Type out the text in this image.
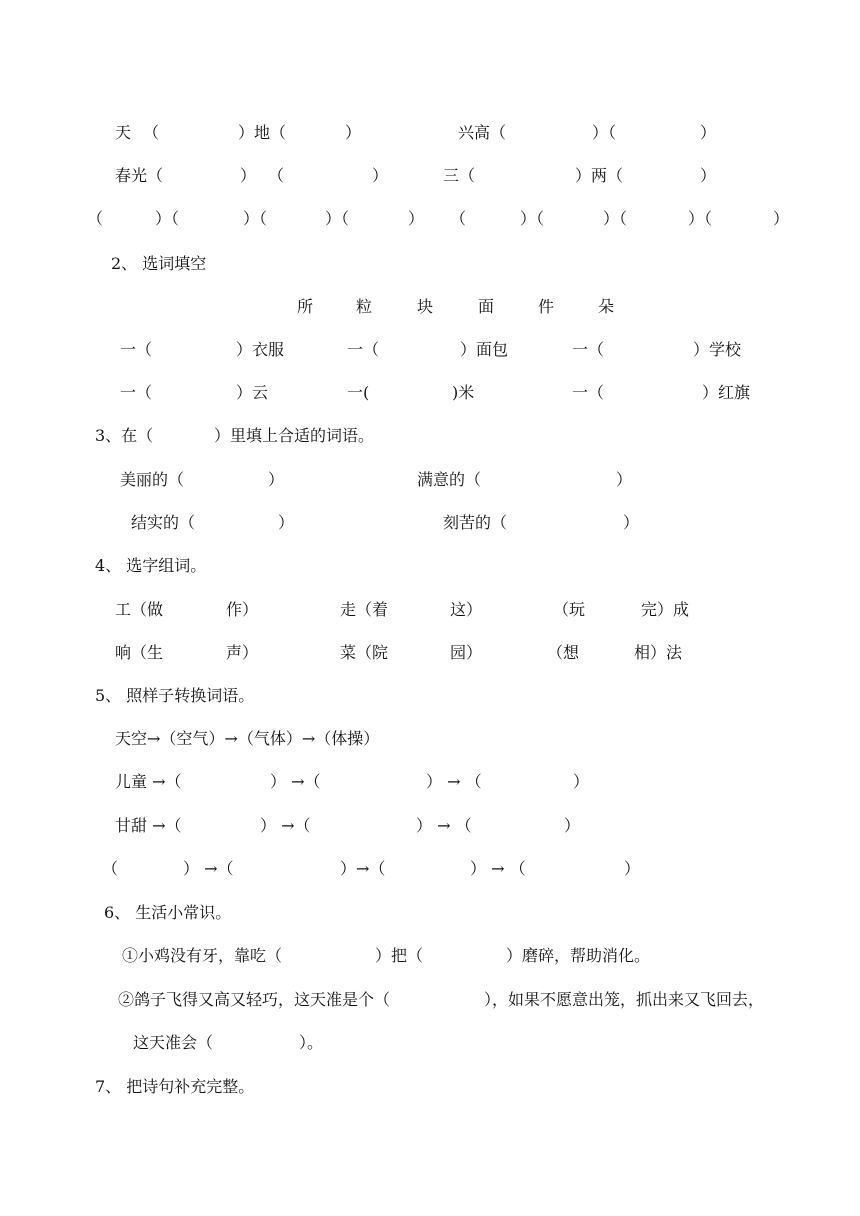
天 （	）地（	）	兴高（	）（	）
春光（	） （	）	三（	）两（	）
（	）（	）（	）（	） （	）（	）（	）（	）
2、 选词填空
所	粒	块	面	件	朵
一（	）衣服	一（	）面包	一（	）学校
一（	）云	一(	)米	一（	）红旗
3、在（	）里填上合适的词语。
美丽的（	）	满意的（	）
结实的（	）	刻苦的（	）
4、 选字组词。
工（做	作）	走（着	这）	（玩	完）成
响（生	声）	菜（院	园）	（想	相）法
5、 照样子转换词语。
天空→（空气）→（气体）→（体操）
儿童 →（	） →（	） → （	）
甘甜 →（	） →（	） → （	）
（	） →（	）→（	） → （	）
6、 生活小常识。
①小鸡没有牙，靠吃（	）把（	）磨碎，帮助消化。
②鸽子飞得又高又轻巧，这天准是个（	），如果不愿意出笼，抓出来又飞回去，
这天准会（	）。
7、 把诗句补充完整。
